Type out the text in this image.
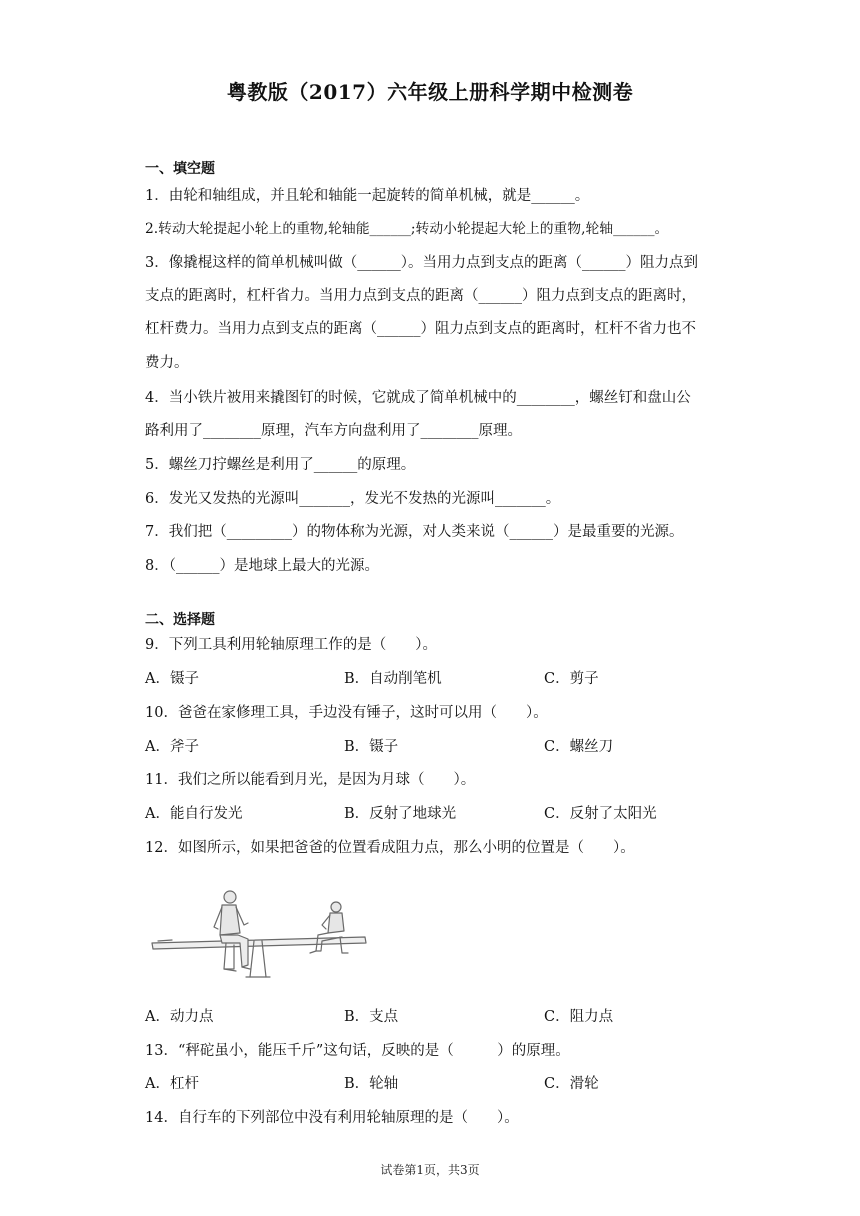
粤教版（2017）六年级上册科学期中检测卷
一、填空题
1．由轮和轴组成，并且轮和轴能一起旋转的简单机械，就是______。
2.转动大轮提起小轮上的重物,轮轴能______;转动小轮提起大轮上的重物,轮轴______。
3．像撬棍这样的简单机械叫做（______）。当用力点到支点的距离（______）阻力点到
支点的距离时，杠杆省力。当用力点到支点的距离（______）阻力点到支点的距离时，
杠杆费力。当用力点到支点的距离（______）阻力点到支点的距离时，杠杆不省力也不
费力。
4．当小铁片被用来撬图钉的时候，它就成了简单机械中的________，螺丝钉和盘山公
路利用了________原理，汽车方向盘利用了________原理。
5．螺丝刀拧螺丝是利用了______的原理。
6．发光又发热的光源叫_______，发光不发热的光源叫_______。
7．我们把（_________）的物体称为光源，对人类来说（______）是最重要的光源。
8．（______）是地球上最大的光源。
二、选择题
9．下列工具利用轮轴原理工作的是（　　）。
A．镊子	B．自动削笔机	C．剪子
10．爸爸在家修理工具，手边没有锤子，这时可以用（　　）。
A．斧子	B．镊子	C．螺丝刀
11．我们之所以能看到月光，是因为月球（　　）。
A．能自行发光	B．反射了地球光	C．反射了太阳光
12．如图所示，如果把爸爸的位置看成阻力点，那么小明的位置是（　　）。
A．动力点	B．支点	C．阻力点
13．“秤砣虽小，能压千斤”这句话，反映的是（　　　）的原理。
A．杠杆	B．轮轴	C．滑轮
14．自行车的下列部位中没有利用轮轴原理的是（　　）。
试卷第1页，共3页
